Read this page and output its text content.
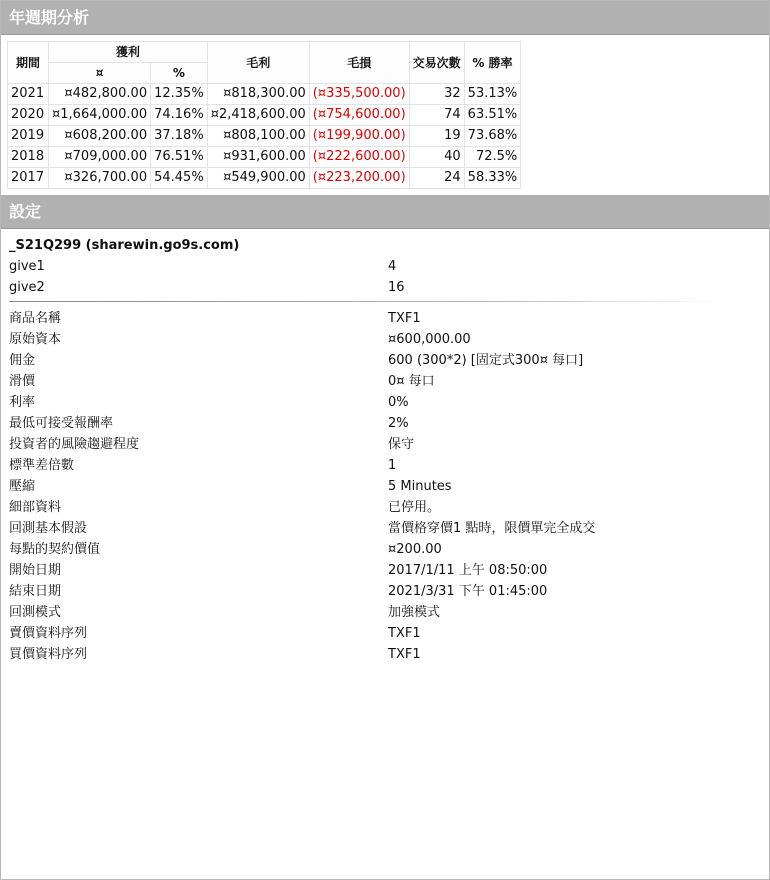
年週期分析
期間	獲利		毛利	毛損	交易次數	% 勝率
	¤	%				
2021	¤482,800.00	12.35%	¤818,300.00	(¤335,500.00)	32	53.13%
2020	¤1,664,000.00	74.16%	¤2,418,600.00	(¤754,600.00)	74	63.51%
2019	¤608,200.00	37.18%	¤808,100.00	(¤199,900.00)	19	73.68%
2018	¤709,000.00	76.51%	¤931,600.00	(¤222,600.00)	40	72.5%
2017	¤326,700.00	54.45%	¤549,900.00	(¤223,200.00)	24	58.33%
設定
_S21Q299 (sharewin.go9s.com)
give1	4
give2	16
商品名稱	TXF1
原始資本	¤600,000.00
佣金	600 (300*2) [固定式300¤ 每口]
滑價	0¤ 每口
利率	0%
最低可接受報酬率	2%
投資者的風險趨避程度	保守
標準差倍數	1
壓縮	5 Minutes
細部資料	已停用。
回測基本假設	當價格穿價1 點時，限價單完全成交
每點的契約價值	¤200.00
開始日期	2017/1/11 上午 08:50:00
結束日期	2021/3/31 下午 01:45:00
回測模式	加強模式
賣價資料序列	TXF1
買價資料序列	TXF1
